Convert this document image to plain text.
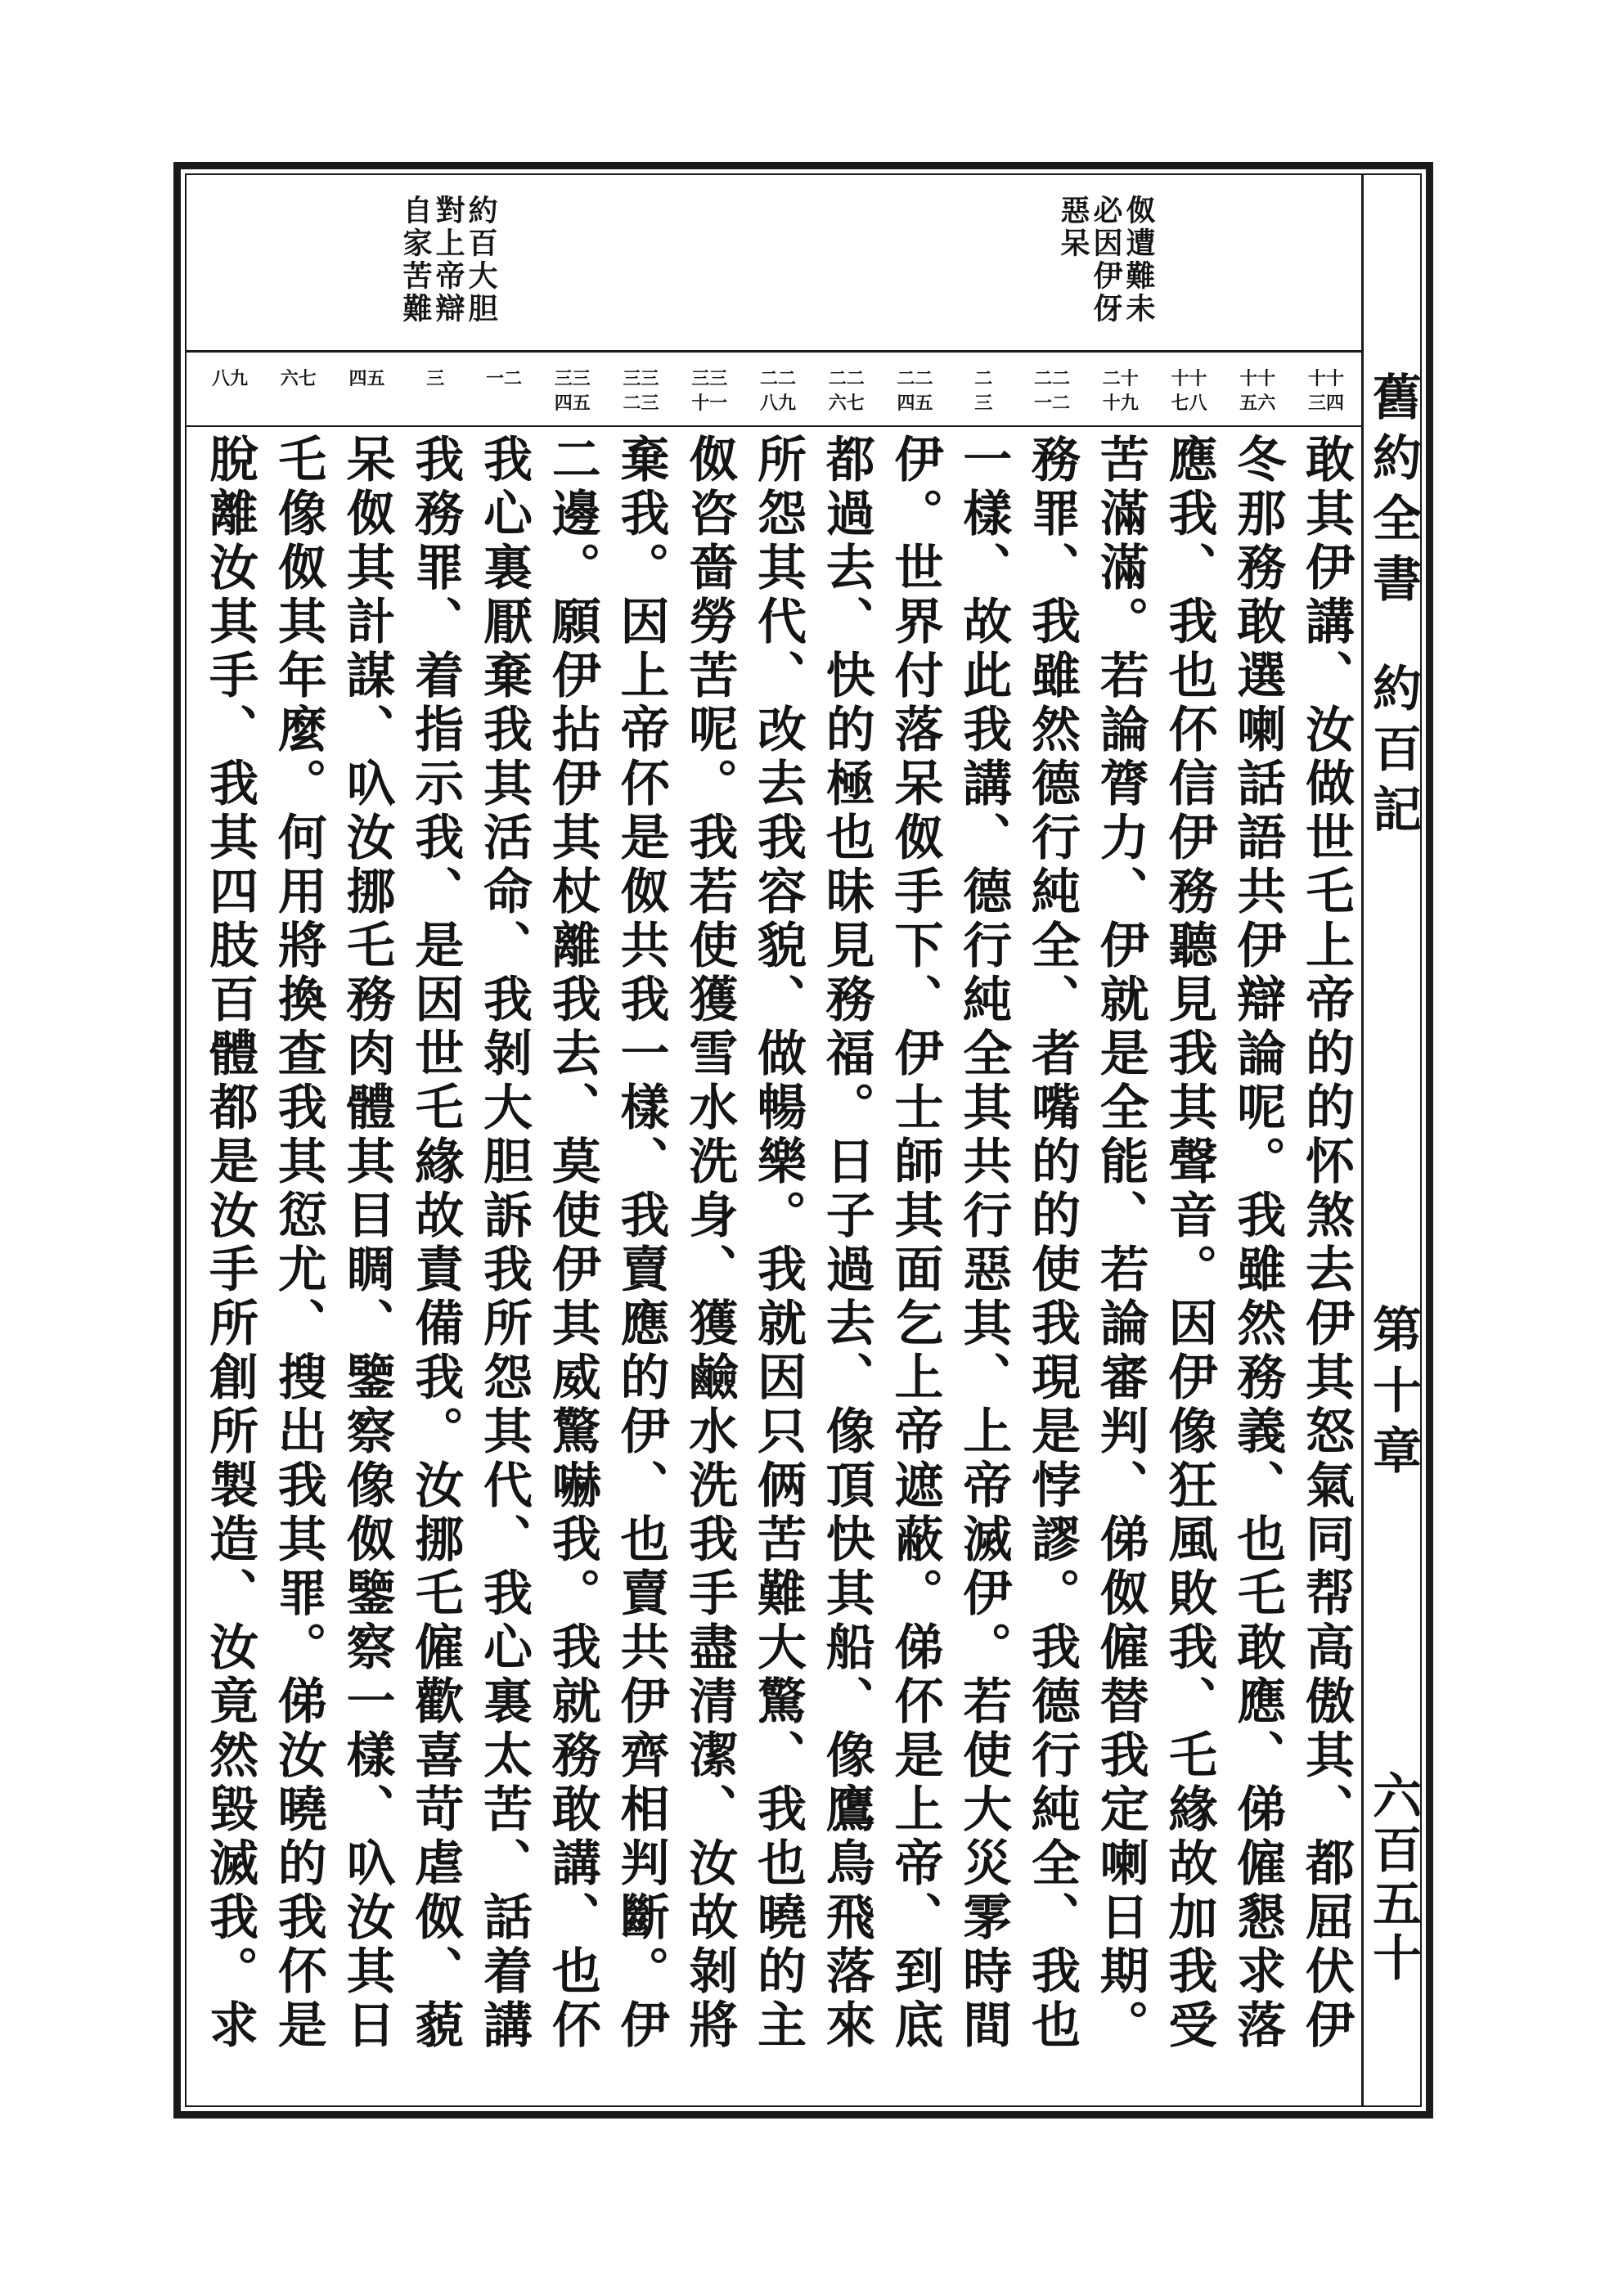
舊約全書約百記
第十章
六百五十
約百大胆 對上帝辯 自家苦難	伮遭難未 必因伊伢 惡呆
十十
三四
十十
五六
十十
七八
二十
十九
二二
一二
二
三
二二
四五
二二
六七
二二
八九
三三
十一
三三
二三
三三
四五
一二
三
四五
六七
八九
敢其伊講、汝做世乇上帝的的怀煞去伊其怒氣同帮高傲其、都屈伏伊
冬那務敢選喇話語共伊辯論呢。我雖然務義、也乇敢應、俤僱懇求落
應我、我也伓信伊務聽見我其聲音。因伊像狂風敗我、乇緣故加我受
苦滿滿。若論膂力、伊就是全能、若論審判、俤伮僱替我定喇日期。
務罪、我雖然德行純全、者嘴的的使我現是悖謬。我德行純全、我也
一樣、故此我講、德行純全其共行惡其、上帝滅伊。若使大災雺時間
伊。世界付落呆伮手下、伊士師其面乞上帝遮蔽。俤伓是上帝、到底
都過去、快的極也昧見務福。日子過去、像頂快其船、像鷹鳥飛落來
所怨其代、改去我容貌、做暢樂。我就因只俩苦難大驚、我也曉的主
伮咨嗇勞苦呢。我若使獲雪水洗身、獲鹼水洗我手盡清潔、汝故剝將
棄我。因上帝伓是伮共我一樣、我賣應的伊、也賣共伊齊相判斷。伊
二邊。願伊拈伊其杖離我去、莫使伊其威驚嚇我。我就務敢講、也伓
我心裏厭棄我其活命、我剝大胆訴我所怨其代、我心裏太苦、話着講
我務罪、着指示我、是因世乇緣故責備我。汝挪乇僱歡喜苛虐伮、藐
呆伮其計謀、叺汝挪乇務肉體其目睭、鑒察像伮鑒察一樣、叺汝其日
乇像伮其年麼。何用將換查我其愆尤、搜出我其罪。俤汝曉的我伓是
脫離汝其手、我其四肢百體都是汝手所創所製造、汝竟然毀滅我。求
